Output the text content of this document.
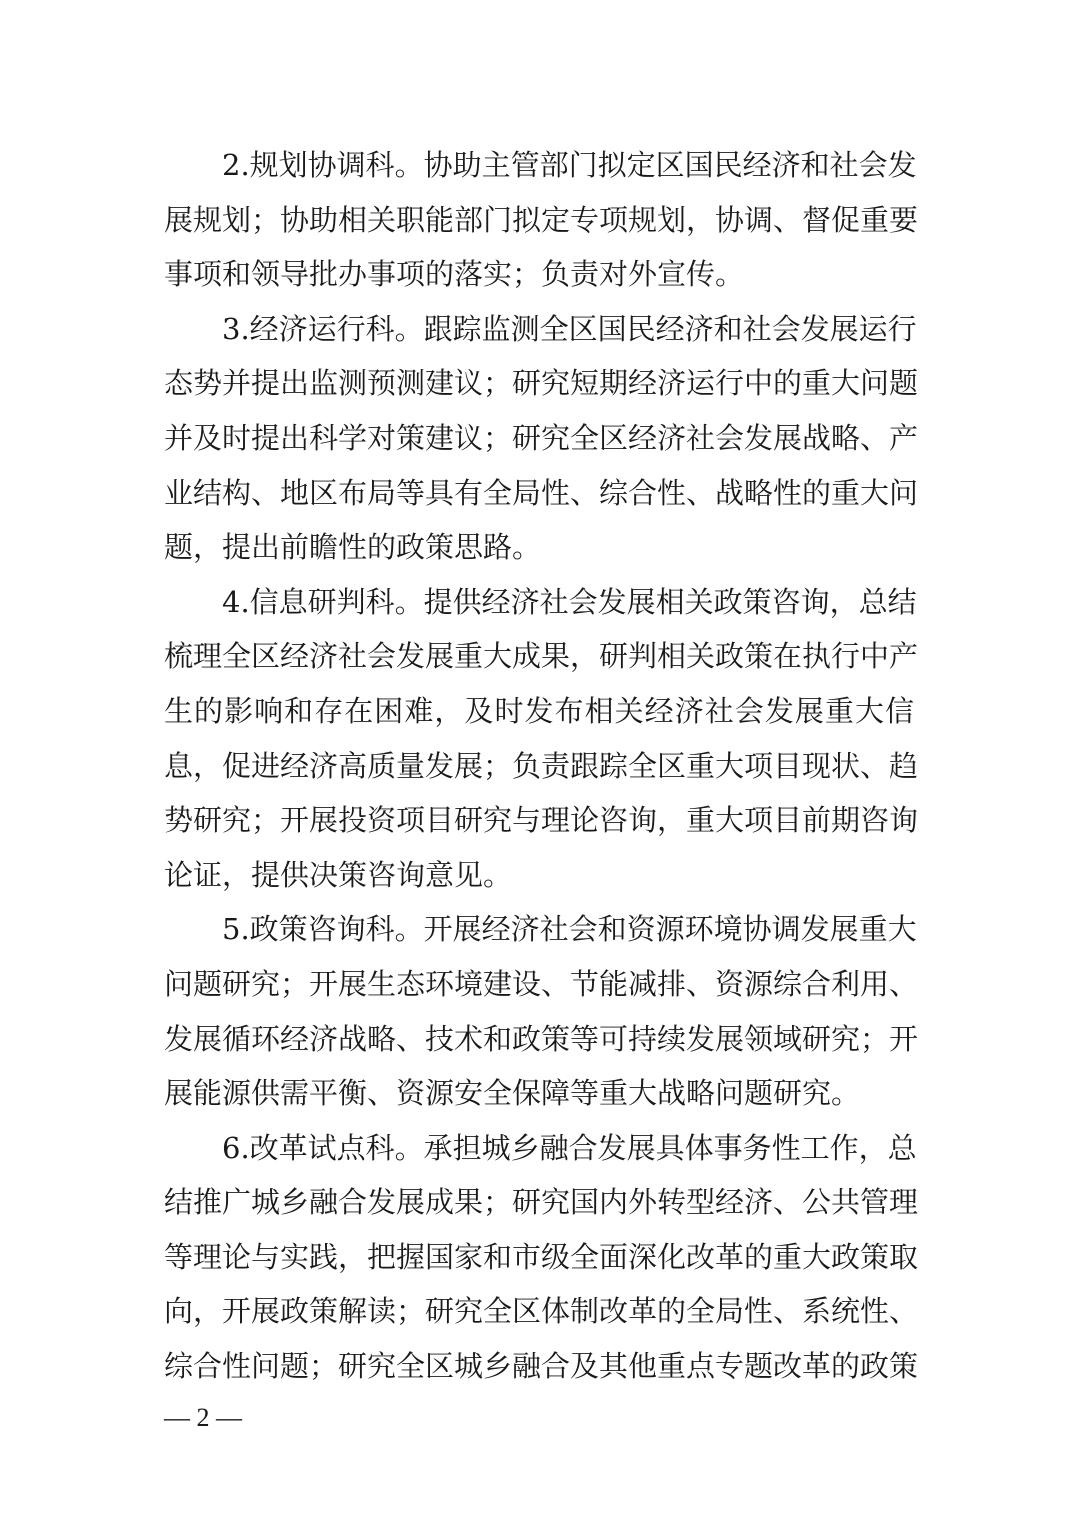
2.规划协调科。协助主管部门拟定区国民经济和社会发
展规划；协助相关职能部门拟定专项规划，协调、督促重要
事项和领导批办事项的落实；负责对外宣传。
3.经济运行科。跟踪监测全区国民经济和社会发展运行
态势并提出监测预测建议；研究短期经济运行中的重大问题
并及时提出科学对策建议；研究全区经济社会发展战略、产
业结构、地区布局等具有全局性、综合性、战略性的重大问
题，提出前瞻性的政策思路。
4.信息研判科。提供经济社会发展相关政策咨询，总结
梳理全区经济社会发展重大成果，研判相关政策在执行中产
生的影响和存在困难，及时发布相关经济社会发展重大信
息，促进经济高质量发展；负责跟踪全区重大项目现状、趋
势研究；开展投资项目研究与理论咨询，重大项目前期咨询
论证，提供决策咨询意见。
5.政策咨询科。开展经济社会和资源环境协调发展重大
问题研究；开展生态环境建设、节能减排、资源综合利用、
发展循环经济战略、技术和政策等可持续发展领域研究；开
展能源供需平衡、资源安全保障等重大战略问题研究。
6.改革试点科。承担城乡融合发展具体事务性工作，总
结推广城乡融合发展成果；研究国内外转型经济、公共管理
等理论与实践，把握国家和市级全面深化改革的重大政策取
向，开展政策解读；研究全区体制改革的全局性、系统性、
综合性问题；研究全区城乡融合及其他重点专题改革的政策
— 2 —
